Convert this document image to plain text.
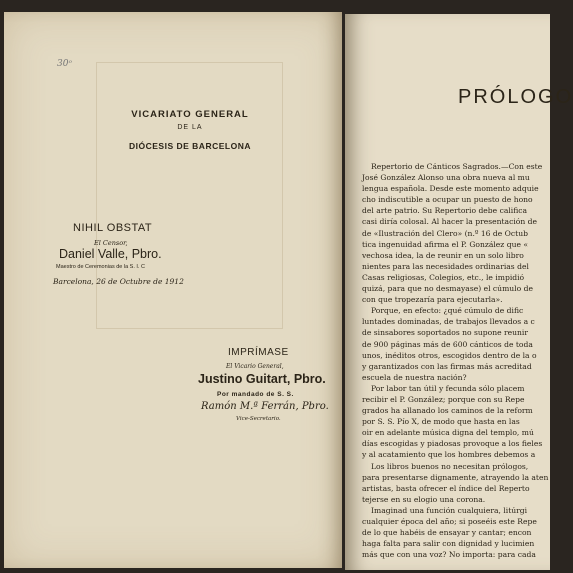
30ᵒ
VICARIATO GENERAL
DE LA
DIÓCESIS DE BARCELONA
NIHIL OBSTAT
El Censor,
Daniel Valle, Pbro.
Maestro de Ceremonias de la S. I. C
Barcelona, 26 de Octubre de 1912
IMPRÍMASE
El Vicario General,
Justino Guitart, Pbro.
Por mandado de S. S.
Ramón M.ª Ferrán, Pbro.
Vice-Secretario.
PRÓLOGO
Repertorio de Cánticos Sagrados.—Con este
José González Alonso una obra nueva al mu
lengua española. Desde este momento adquie
cho indiscutible a ocupar un puesto de hono
del arte patrio. Su Repertorio debe califica
casi diría colosal. Al hacer la presentación de
de «Ilustración del Clero» (n.º 16 de Octub
tica ingenuidad afirma el P. González que «
vechosa idea, la de reunir en un solo libro
nientes para las necesidades ordinarias del
Casas religiosas, Colegios, etc., le impidió
quizá, para que no desmayase) el cúmulo de
con que tropezaría para ejecutarla».
Porque, en efecto: ¿qué cúmulo de dific
luntades dominadas, de trabajos llevados a c
de sinsabores soportados no supone reunir
de 900 páginas más de 600 cánticos de toda
unos, inéditos otros, escogidos dentro de la o
y garantizados con las firmas más acreditad
escuela de nuestra nación?
Por labor tan útil y fecunda sólo placem
recibir el P. González; porque con su Repe
grados ha allanado los caminos de la reform
por S. S. Pío X, de modo que hasta en las
oir en adelante música digna del templo, mú
días escogidas y piadosas provoque a los fieles
y al acatamiento que los hombres debemos a
Los libros buenos no necesitan prólogos,
para presentarse dignamente, atrayendo la aten
artistas, basta ofrecer el índice del Reperto
tejerse en su elogio una corona.
Imaginad una función cualquiera, litúrgi
cualquier época del año; si poseéis este Repe
de lo que habéis de ensayar y cantar; encon
haga falta para salir con dignidad y lucimien
más que con una voz? No importa: para cada
